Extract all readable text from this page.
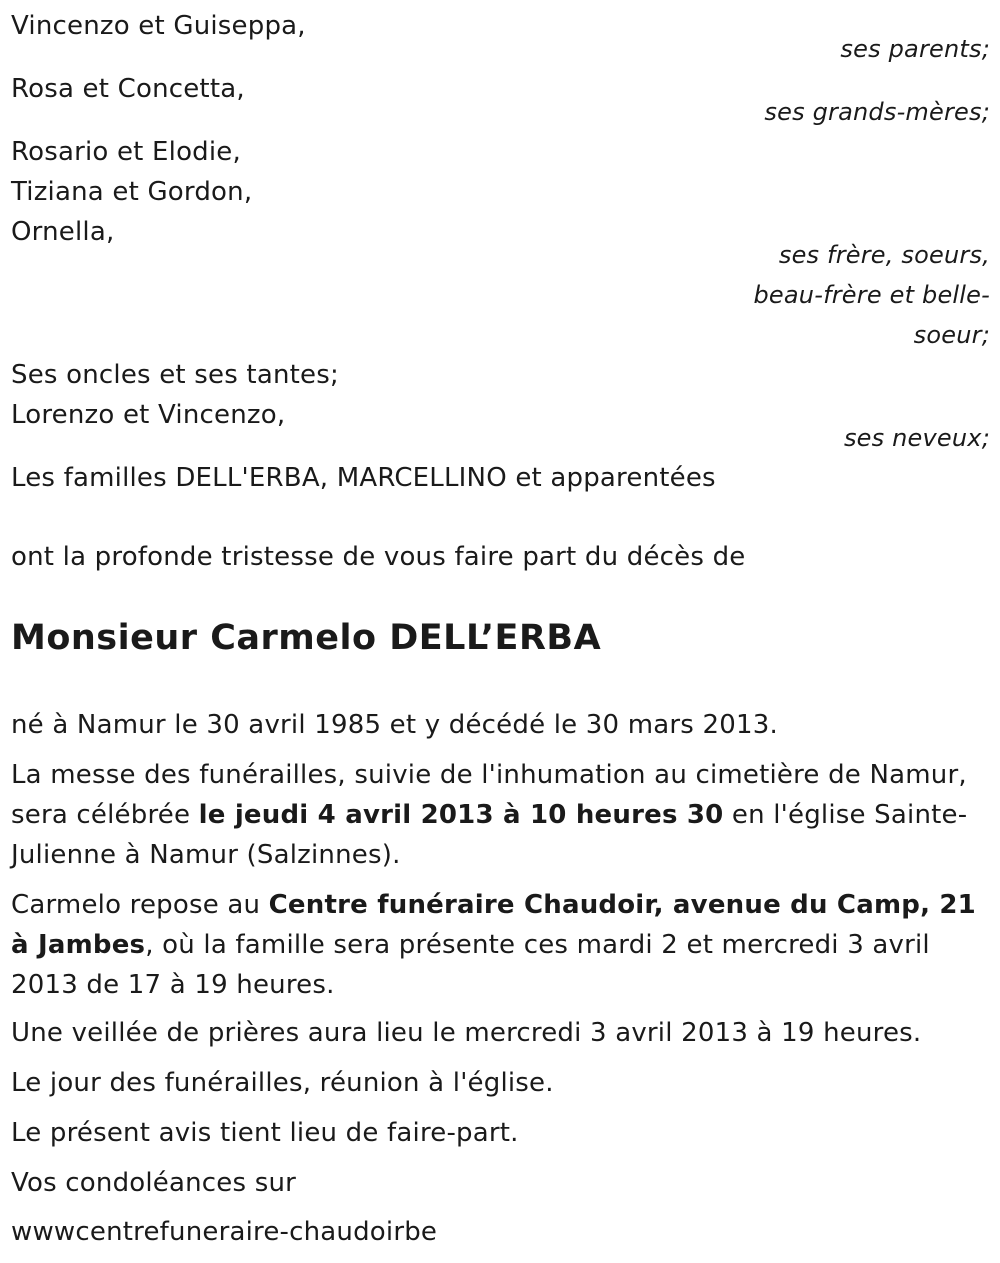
Vincenzo et Guiseppa,
ses parents;
Rosa et Concetta,
ses grands-mères;
Rosario et Elodie,
Tiziana et Gordon,
Ornella,
ses frère, soeurs,
beau-frère et belle-
soeur;
Ses oncles et ses tantes;
Lorenzo et Vincenzo,
ses neveux;
Les familles DELL'ERBA, MARCELLINO et apparentées
ont la profonde tristesse de vous faire part du décès de
Monsieur Carmelo DELL’ERBA
né à Namur le 30 avril 1985 et y décédé le 30 mars 2013.
La messe des funérailles, suivie de l'inhumation au cimetière de Namur, sera célébrée le jeudi 4 avril 2013 à 10 heures 30 en l'église Sainte-Julienne à Namur (Salzinnes).
Carmelo repose au Centre funéraire Chaudoir, avenue du Camp, 21 à Jambes, où la famille sera présente ces mardi 2 et mercredi 3 avril 2013 de 17 à 19 heures.
Une veillée de prières aura lieu le mercredi 3 avril 2013 à 19 heures.
Le jour des funérailles, réunion à l'église.
Le présent avis tient lieu de faire-part.
Vos condoléances sur
wwwcentrefuneraire-chaudoirbe
